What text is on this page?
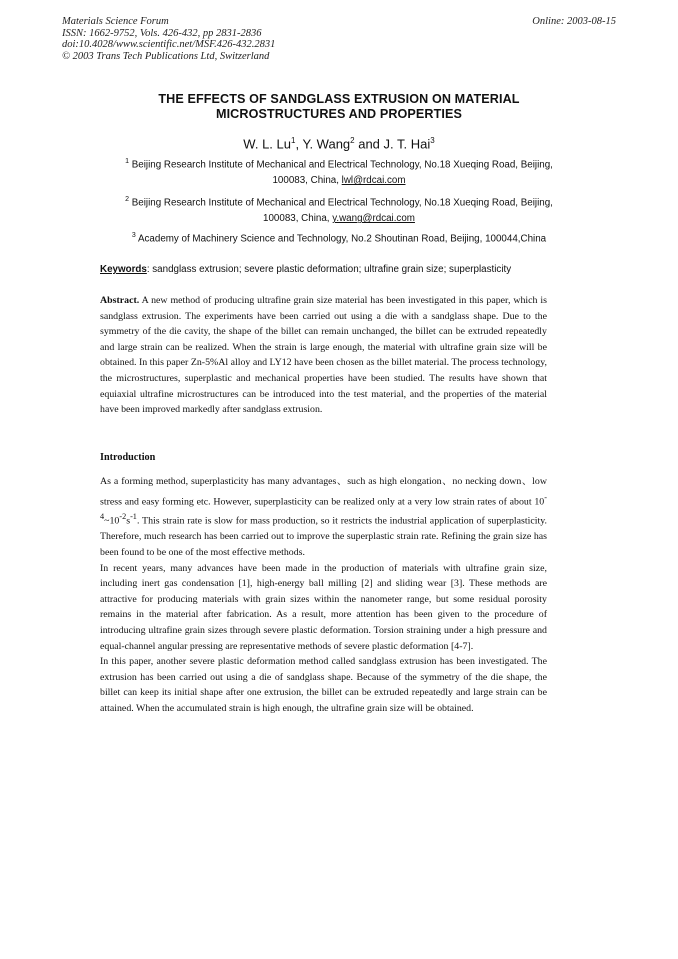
Materials Science Forum
ISSN: 1662-9752, Vols. 426-432, pp 2831-2836
doi:10.4028/www.scientific.net/MSF.426-432.2831
© 2003 Trans Tech Publications Ltd, Switzerland
Online: 2003-08-15
THE EFFECTS OF SANDGLASS EXTRUSION ON MATERIAL
MICROSTRUCTURES AND PROPERTIES
W. L. Lu$^1$, Y. Wang$^2$ and J. T. Hai$^3$
$^1$ Beijing Research Institute of Mechanical and Electrical Technology, No.18 Xueqing Road, Beijing,
100083, China, lwl@rdcai.com
$^2$ Beijing Research Institute of Mechanical and Electrical Technology, No.18 Xueqing Road, Beijing,
100083, China, y.wang@rdcai.com
$^3$ Academy of Machinery Science and Technology, No.2 Shoutinan Road, Beijing, 100044,China
Keywords: sandglass extrusion; severe plastic deformation; ultrafine grain size; superplasticity

Abstract. A new method of producing ultrafine grain size material has been investigated in this paper, which is sandglass extrusion. The experiments have been carried out using a die with a sandglass shape. Due to the symmetry of the die cavity, the shape of the billet can remain unchanged, the billet can be extruded repeatedly and large strain can be realized. When the strain is large enough, the material with ultrafine grain size will be obtained. In this paper Zn-5%Al alloy and LY12 have been chosen as the billet material. The process technology, the microstructures, superplastic and mechanical properties have been studied. The results have shown that equiaxial ultrafine microstructures can be introduced into the test material, and the properties of the material have been improved markedly after sandglass extrusion.

Introduction

As a forming method, superplasticity has many advantages、such as high elongation、no necking down、low stress and easy forming etc. However, superplasticity can be realized only at a very low strain rates of about $10^{-4}\sim 10^{-2}s^{-1}$. This strain rate is slow for mass production, so it restricts the industrial application of superplasticity. Therefore, much research has been carried out to improve the superplastic strain rate. Refining the grain size has been found to be one of the most effective methods.

In recent years, many advances have been made in the production of materials with ultrafine grain size, including inert gas condensation [1], high-energy ball milling [2] and sliding wear [3]. These methods are attractive for producing materials with grain sizes within the nanometer range, but some residual porosity remains in the material after fabrication. As a result, more attention has been given to the procedure of introducing ultrafine grain sizes through severe plastic deformation. Torsion straining under a high pressure and equal-channel angular pressing are representative methods of severe plastic deformation [4-7].

In this paper, another severe plastic deformation method called sandglass extrusion has been investigated. The extrusion has been carried out using a die of sandglass shape. Because of the symmetry of the die shape, the billet can keep its initial shape after one extrusion, the billet can be extruded repeatedly and large strain can be attained. When the accumulated strain is high enough, the ultrafine grain size will be obtained.
